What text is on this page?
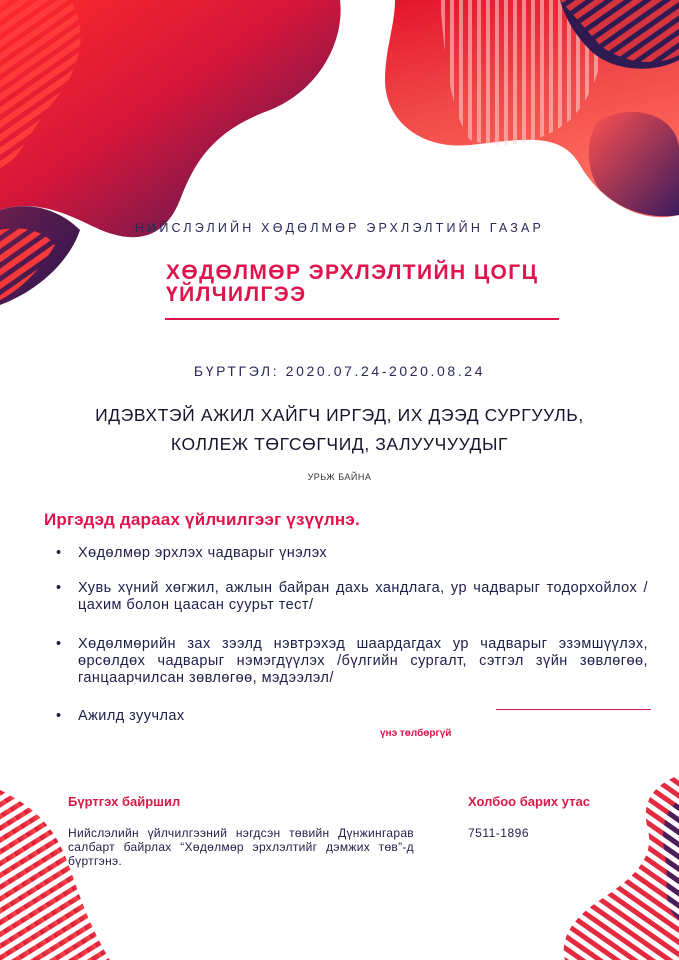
НИЙСЛЭЛИЙН ХӨДӨЛМӨР ЭРХЛЭЛТИЙН ГАЗАР
ХӨДӨЛМӨР ЭРХЛЭЛТИЙН ЦОГЦ ҮЙЛЧИЛГЭЭ
БҮРТГЭЛ: 2020.07.24-2020.08.24
ИДЭВХТЭЙ АЖИЛ ХАЙГЧ ИРГЭД, ИХ ДЭЭД СУРГУУЛЬ,
КОЛЛЕЖ ТӨГСӨГЧИД, ЗАЛУУЧУУДЫГ
УРЬЖ БАЙНА
Иргэдэд дараах үйлчилгээг үзүүлнэ.
• Хөдөлмөр эрхлэх чадварыг үнэлэх
• Хувь хүний хөгжил, ажлын байран дахь хандлага, ур чадварыг тодорхойлох /цахим болон цаасан суурьт тест/
• Хөдөлмөрийн зах зээлд нэвтрэхэд шаардагдах ур чадварыг эзэмшүүлэх, өрсөлдөх чадварыг нэмэгдүүлэх /бүлгийн сургалт, сэтгэл зүйн зөвлөгөө, ганцаарчилсан зөвлөгөө, мэдээлэл/
• Ажилд зуучлах
үнэ төлбөргүй
Бүртгэх байршил
Нийслэлийн үйлчилгээний нэгдсэн төвийн Дүнжингарав салбарт байрлах “Хөдөлмөр эрхлэлтийг дэмжих төв”-д бүртгэнэ.
Холбоо барих утас
7511-1896
